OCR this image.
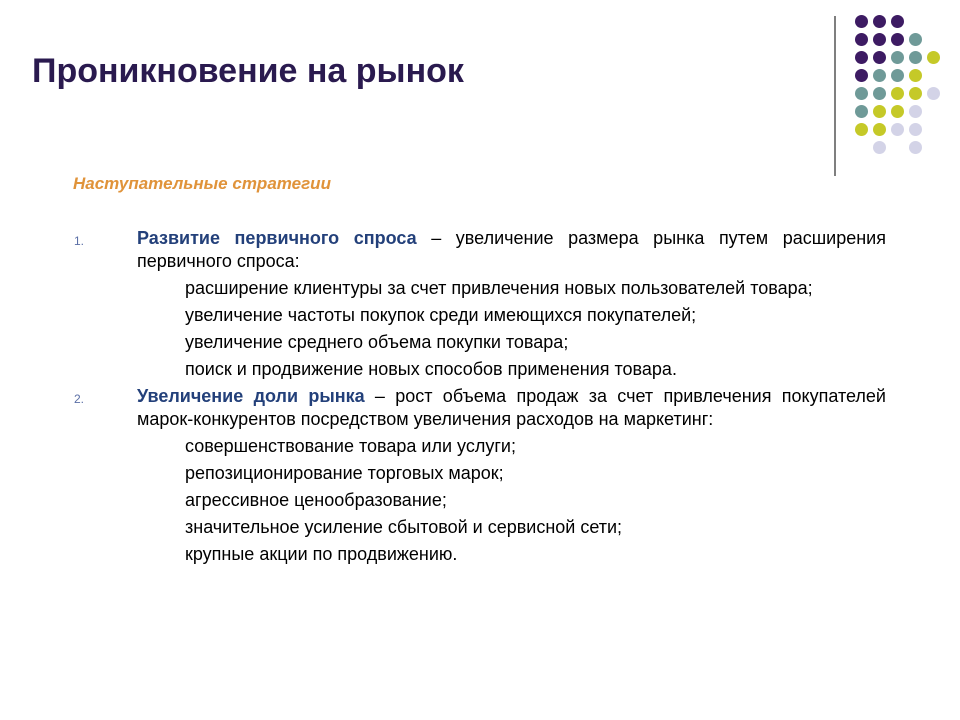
Проникновение на рынок
Наступательные стратегии
1.	Развитие первичного спроса – увеличение размера рынка путем расширения первичного спроса:
расширение клиентуры за счет привлечения новых пользователей товара;
увеличение частоты покупок среди имеющихся покупателей;
увеличение среднего объема покупки товара;
поиск и продвижение новых способов применения товара.
2.	Увеличение доли рынка – рост объема продаж за счет привлечения покупателей марок-конкурентов посредством увеличения расходов на маркетинг:
совершенствование товара или услуги;
репозиционирование торговых марок;
агрессивное ценообразование;
значительное усиление сбытовой и сервисной сети;
крупные акции по продвижению.
